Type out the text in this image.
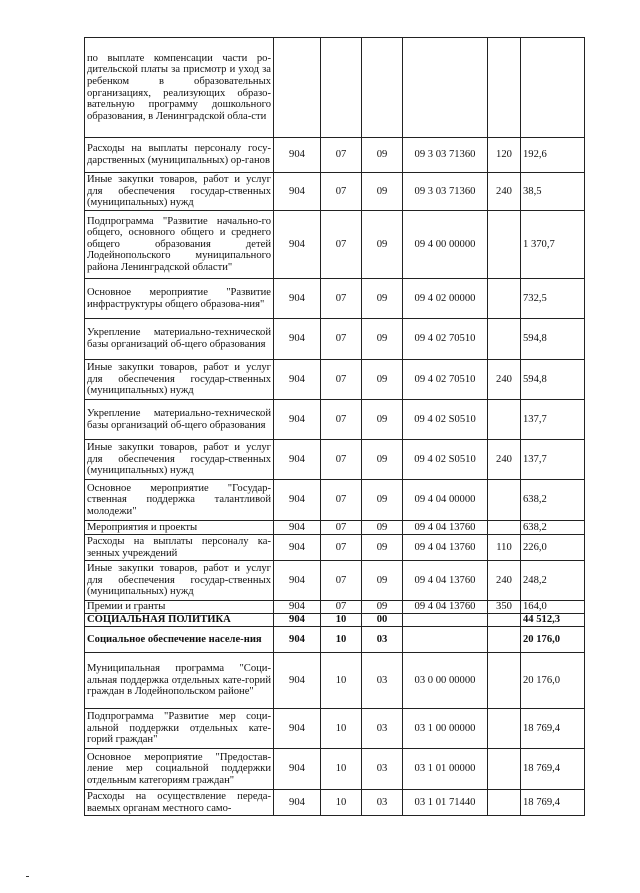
по выплате компенсации части ро-дительской платы за присмотр и уход за ребенком в образовательных организациях, реализующих образо-вательную программу дошкольного образования, в Ленинградской обла-сти						
Расходы на выплаты персоналу госу-дарственных (муниципальных) ор-ганов	904	07	09	09 3 03 71360	120	192,6
Иные закупки товаров, работ и услуг для обеспечения государ-ственных (муниципальных) нужд	904	07	09	09 3 03 71360	240	38,5
Подпрограмма "Развитие начально-го общего, основного общего и среднего общего образования детей Лодейнопольского муниципального района Ленинградской области"	904	07	09	09 4 00 00000		1 370,7
Основное мероприятие "Развитие инфраструктуры общего образова-ния"	904	07	09	09 4 02 00000		732,5
Укрепление материально-технической базы организаций об-щего образования	904	07	09	09 4 02 70510		594,8
Иные закупки товаров, работ и услуг для обеспечения государ-ственных (муниципальных) нужд	904	07	09	09 4 02 70510	240	594,8
Укрепление материально-технической базы организаций об-щего образования	904	07	09	09 4 02 S0510		137,7
Иные закупки товаров, работ и услуг для обеспечения государ-ственных (муниципальных) нужд	904	07	09	09 4 02 S0510	240	137,7
Основное мероприятие "Государ-ственная поддержка талантливой молодежи"	904	07	09	09 4 04 00000		638,2
Мероприятия и проекты	904	07	09	09 4 04 13760		638,2
Расходы на выплаты персоналу ка-зенных учреждений	904	07	09	09 4 04 13760	110	226,0
Иные закупки товаров, работ и услуг для обеспечения государ-ственных (муниципальных) нужд	904	07	09	09 4 04 13760	240	248,2
Премии и гранты	904	07	09	09 4 04 13760	350	164,0
СОЦИАЛЬНАЯ ПОЛИТИКА	904	10	00			44 512,3
Социальное обеспечение населе-ния	904	10	03			20 176,0
Муниципальная программа "Соци-альная поддержка отдельных кате-горий граждан в Лодейнопольском районе"	904	10	03	03 0 00 00000		20 176,0
Подпрограмма "Развитие мер соци-альной поддержки отдельных кате-горий граждан"	904	10	03	03 1 00 00000		18 769,4
Основное мероприятие "Предостав-ление мер социальной поддержки отдельным категориям граждан"	904	10	03	03 1 01 00000		18 769,4
Расходы на осуществление переда-ваемых органам местного само-	904	10	03	03 1 01 71440		18 769,4
